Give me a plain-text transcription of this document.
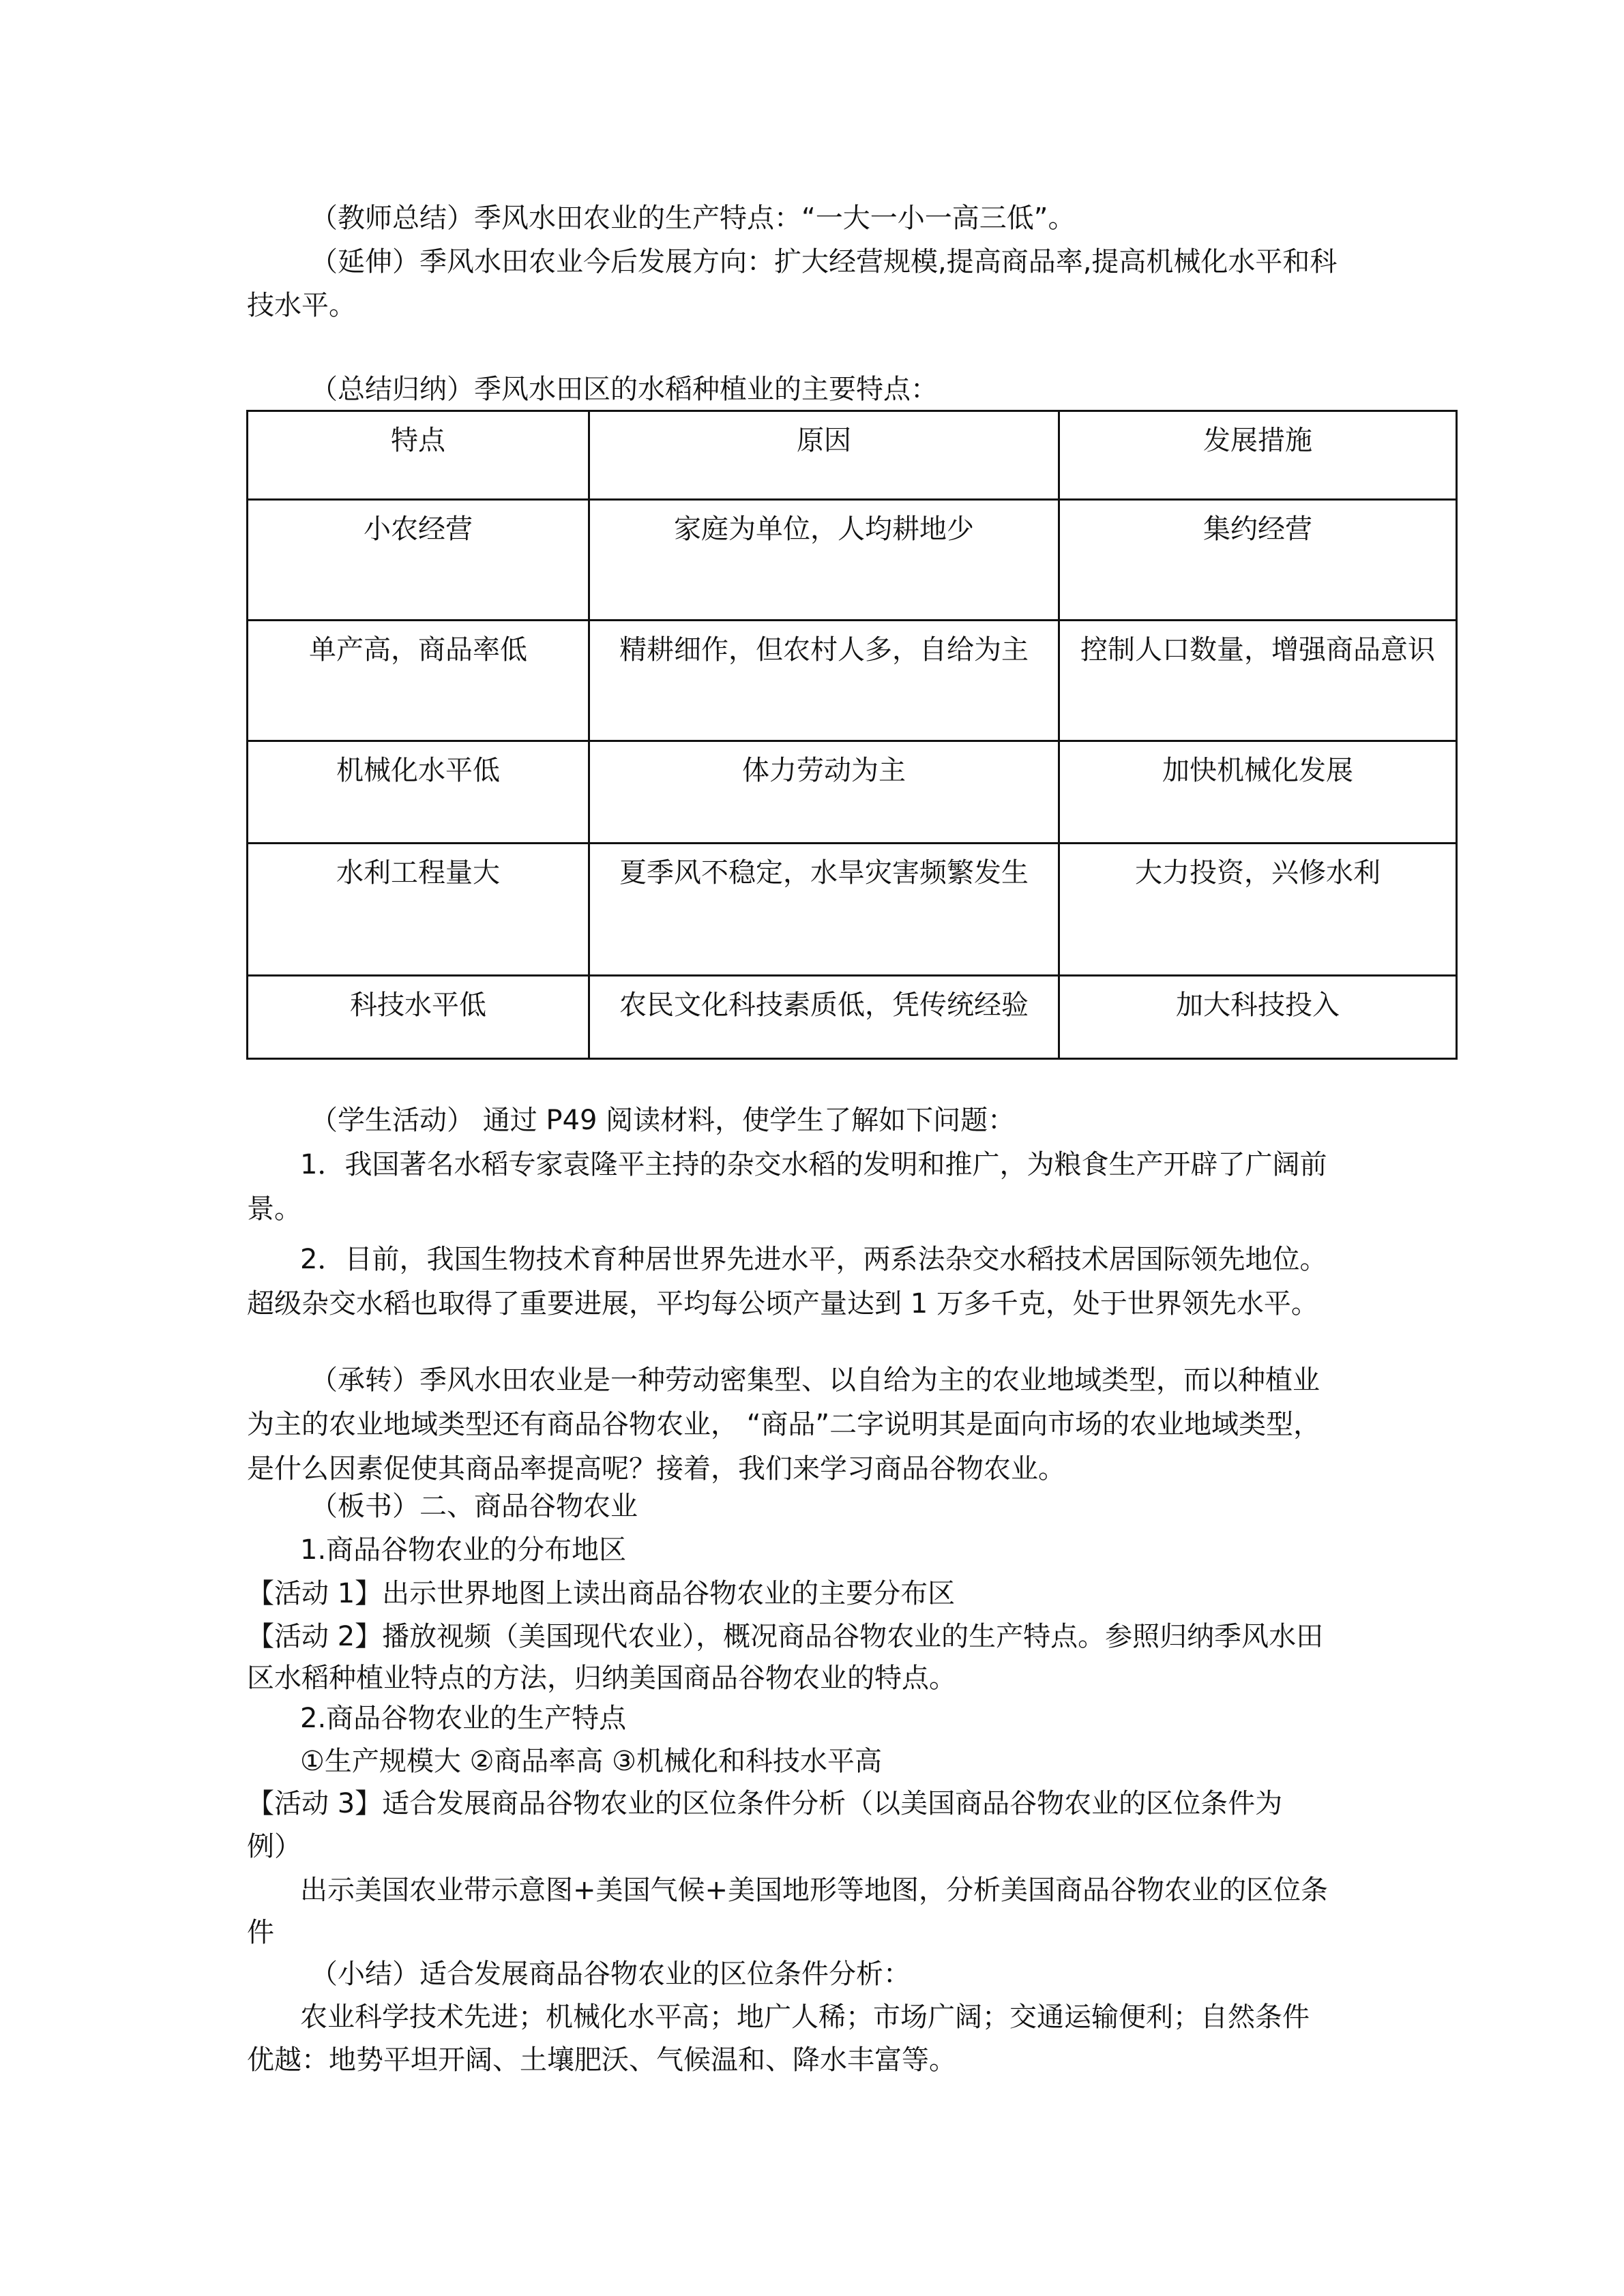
（教师总结）季风水田农业的生产特点：“一大一小一高三低”。
（延伸）季风水田农业今后发展方向：扩大经营规模,提高商品率,提高机械化水平和科
技水平。
（总结归纳）季风水田区的水稻种植业的主要特点：
特点	原因	发展措施
小农经营	家庭为单位，人均耕地少	集约经营
单产高，商品率低	精耕细作，但农村人多，自给为主	控制人口数量，增强商品意识
机械化水平低	体力劳动为主	加快机械化发展
水利工程量大	夏季风不稳定，水旱灾害频繁发生	大力投资，兴修水利
科技水平低	农民文化科技素质低，凭传统经验	加大科技投入
（学生活动） 通过 P49 阅读材料，使学生了解如下问题：
1．我国著名水稻专家袁隆平主持的杂交水稻的发明和推广，为粮食生产开辟了广阔前
景。
2．目前，我国生物技术育种居世界先进水平，两系法杂交水稻技术居国际领先地位。
超级杂交水稻也取得了重要进展，平均每公顷产量达到 1 万多千克，处于世界领先水平。
（承转）季风水田农业是一种劳动密集型、以自给为主的农业地域类型，而以种植业
为主的农业地域类型还有商品谷物农业， “商品”二字说明其是面向市场的农业地域类型，
是什么因素促使其商品率提高呢？接着，我们来学习商品谷物农业。
（板书）二、商品谷物农业
1.商品谷物农业的分布地区
【活动 1】出示世界地图上读出商品谷物农业的主要分布区
【活动 2】播放视频（美国现代农业），概况商品谷物农业的生产特点。参照归纳季风水田
区水稻种植业特点的方法，归纳美国商品谷物农业的特点。
2.商品谷物农业的生产特点
①生产规模大 ②商品率高 ③机械化和科技水平高
【活动 3】适合发展商品谷物农业的区位条件分析（以美国商品谷物农业的区位条件为
例）
出示美国农业带示意图+美国气候+美国地形等地图，分析美国商品谷物农业的区位条
件
（小结）适合发展商品谷物农业的区位条件分析：
农业科学技术先进；机械化水平高；地广人稀；市场广阔；交通运输便利；自然条件
优越：地势平坦开阔、土壤肥沃、气候温和、降水丰富等。
